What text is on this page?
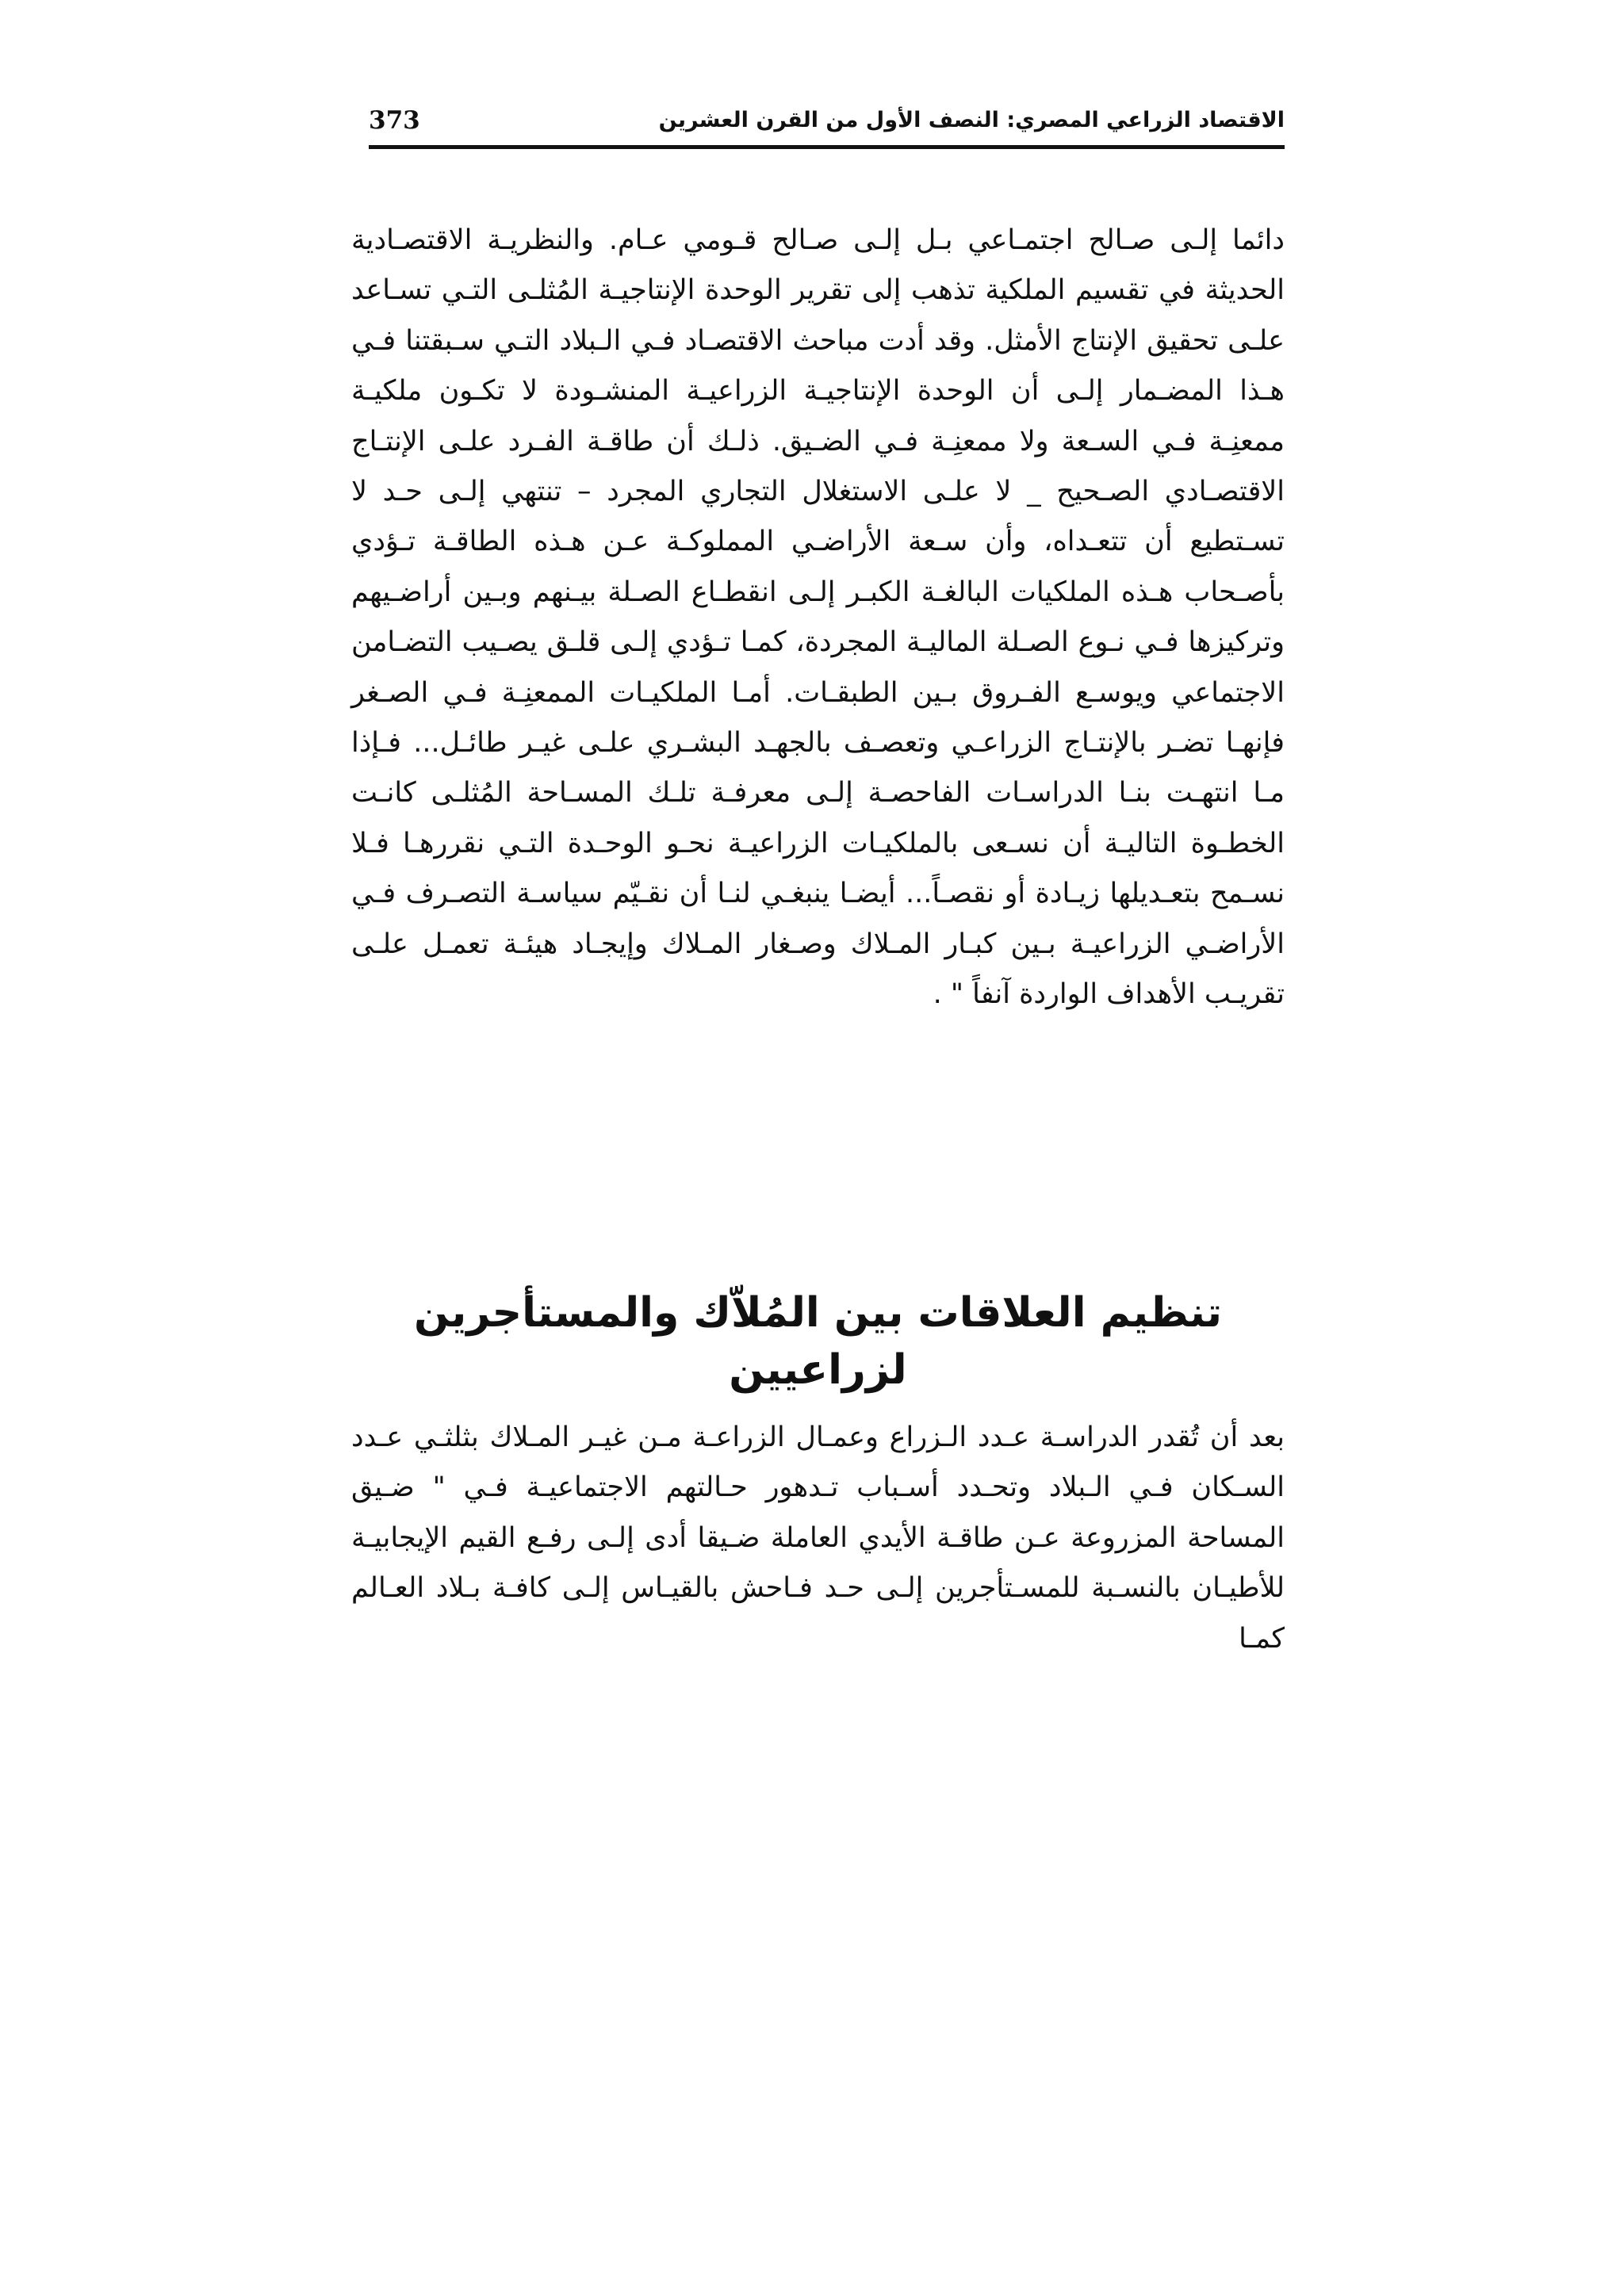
373	الاقتصاد الزراعي المصري: النصف الأول من القرن العشرين

دائما إلـى صـالح اجتمـاعي بـل إلـى صـالح قـومي عـام. والنظريـة الاقتصـادية الحديثة في تقسيم الملكية تذهب إلى تقرير الوحدة الإنتاجيـة المُثلـى التـي تسـاعد علـى تحقيق الإنتاج الأمثل. وقد أدت مباحث الاقتصـاد فـي الـبلاد التـي سـبقتنا فـي هـذا المضـمار إلـى أن الوحدة الإنتاجيـة الزراعيـة المنشـودة لا تكـون ملكيـة ممعنِـة فـي السـعة ولا ممعنِـة فـي الضـيق. ذلـك أن طاقـة الفـرد علـى الإنتـاج الاقتصـادي الصـحيح _ لا علـى الاستغلال التجاري المجرد – تنتهي إلـى حـد لا تسـتطيع أن تتعـداه، وأن سـعة الأراضـي المملوكـة عـن هـذه الطاقـة تـؤدي بأصـحاب هـذه الملكيات البالغـة الكبـر إلـى انقطـاع الصـلة بيـنهم وبـين أراضـيهم وتركيزها فـي نـوع الصـلة الماليـة المجردة، كمـا تـؤدي إلـى قلـق يصـيب التضـامن الاجتماعي ويوسـع الفـروق بـين الطبقـات. أمـا الملكيـات الممعنِـة فـي الصـغر فإنهـا تضـر بالإنتـاج الزراعـي وتعصـف بالجهـد البشـري علـى غيـر طائـل... فـإذا مـا انتهـت بنـا الدراسـات الفاحصـة إلـى معرفـة تلـك المسـاحة المُثلـى كانـت الخطـوة التاليـة أن نسـعى بالملكيـات الزراعيـة نحـو الوحـدة التـي نقررهـا فـلا نسـمح بتعـديلها زيـادة أو نقصـاً... أيضـا ينبغـي لنـا أن نقـيّم سياسـة التصـرف فـي الأراضـي الزراعيـة بـين كبـار المـلاك وصـغار المـلاك وإيجـاد هيئـة تعمـل علـى تقريـب الأهداف الواردة آنفاً " .

تنظيم العلاقات بين المُلاّك والمستأجرين لزراعيين

بعد أن تُقدر الدراسـة عـدد الـزراع وعمـال الزراعـة مـن غيـر المـلاك بثلثـي عـدد السـكان فـي الـبلاد وتحـدد أسـباب تـدهور حـالتهم الاجتماعيـة فـي " ضـيق المساحة المزروعة عـن طاقـة الأيدي العاملة ضـيقا أدى إلـى رفـع القيم الإيجابيـة للأطيـان بالنسـبة للمسـتأجرين إلـى حـد فـاحش بالقيـاس إلـى كافـة بـلاد العـالم كمـا
